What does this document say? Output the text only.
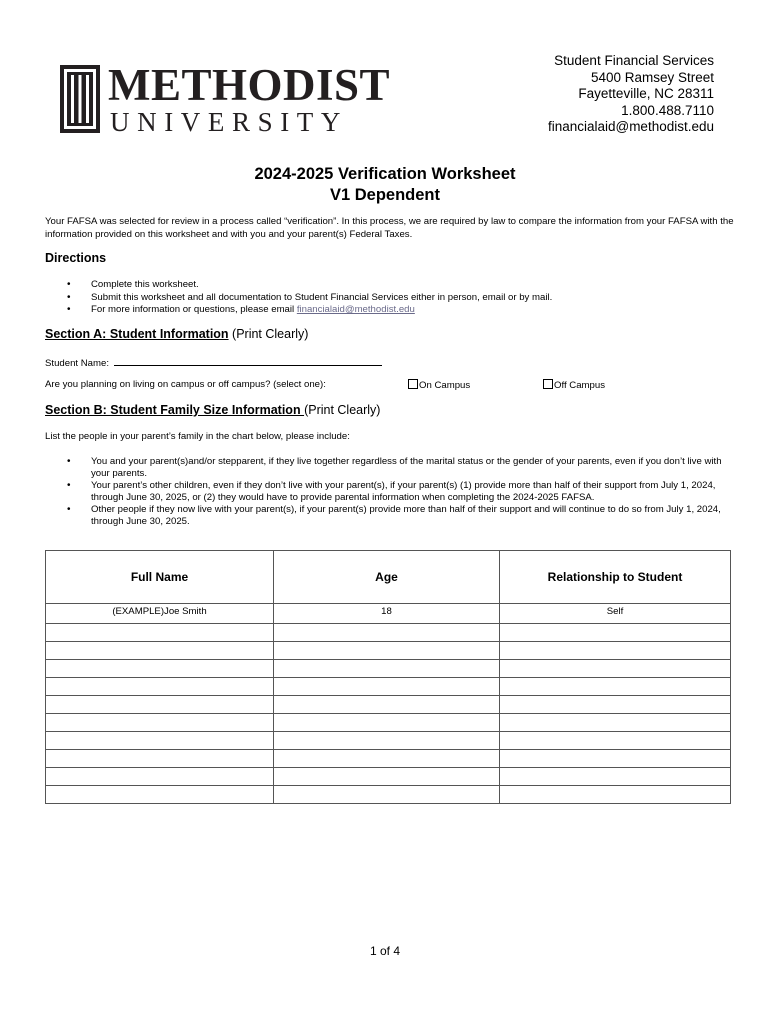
METHODIST
UNIVERSITY
Student Financial Services
5400 Ramsey Street
Fayetteville, NC 28311
1.800.488.7110
financialaid@methodist.edu
2024-2025 Verification Worksheet
V1 Dependent
Your FAFSA was selected for review in a process called “verification”. In this process, we are required by law to compare the information from your FAFSA with the information provided on this worksheet and with you and your parent(s) Federal Taxes.
Directions
• Complete this worksheet.
• Submit this worksheet and all documentation to Student Financial Services either in person, email or by mail.
• For more information or questions, please email financialaid@methodist.edu
Section A: Student Information (Print Clearly)
Student Name:
Are you planning on living on campus or off campus? (select one):	On Campus	Off Campus
Section B: Student Family Size Information (Print Clearly)
List the people in your parent’s family in the chart below, please include:
• You and your parent(s)and/or stepparent, if they live together regardless of the marital status or the gender of your parents, even if you don’t live with your parents.
• Your parent’s other children, even if they don’t live with your parent(s), if your parent(s) (1) provide more than half of their support from July 1, 2024, through June 30, 2025, or (2) they would have to provide parental information when completing the 2024-2025 FAFSA.
• Other people if they now live with your parent(s), if your parent(s) provide more than half of their support and will continue to do so from July 1, 2024, through June 30, 2025.
Full Name	Age	Relationship to Student
(EXAMPLE)Joe Smith	18	Self

1 of 4
